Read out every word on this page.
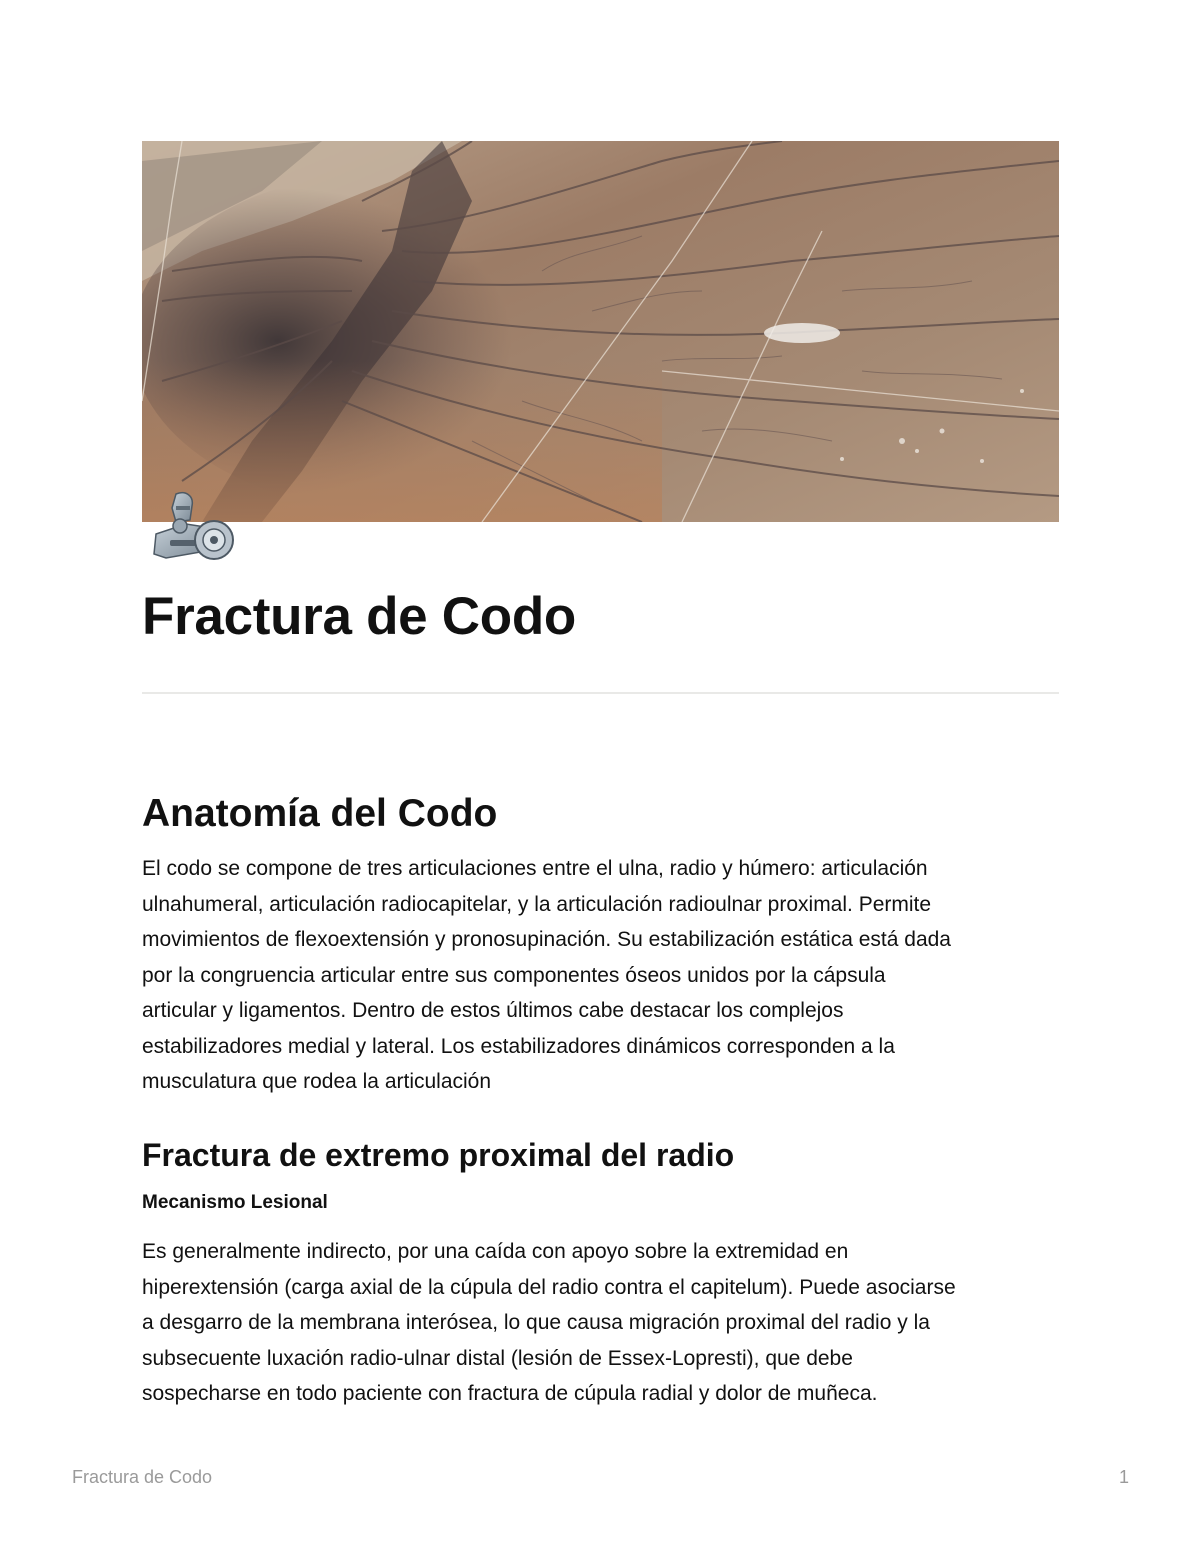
Fractura de Codo
Anatomía del Codo
El codo se compone de tres articulaciones entre el ulna, radio y húmero: articulación
ulnahumeral, articulación radiocapitelar, y la articulación radioulnar proximal. Permite
movimientos de flexoextensión y pronosupinación. Su estabilización estática está dada
por la congruencia articular entre sus componentes óseos unidos por la cápsula
articular y ligamentos. Dentro de estos últimos cabe destacar los complejos
estabilizadores medial y lateral. Los estabilizadores dinámicos corresponden a la
musculatura que rodea la articulación
Fractura de extremo proximal del radio
Mecanismo Lesional
Es generalmente indirecto, por una caída con apoyo sobre la extremidad en
hiperextensión (carga axial de la cúpula del radio contra el capitelum). Puede asociarse
a desgarro de la membrana interósea, lo que causa migración proximal del radio y la
subsecuente luxación radio-ulnar distal (lesión de Essex-Lopresti), que debe
sospecharse en todo paciente con fractura de cúpula radial y dolor de muñeca.
Fractura de Codo	1
